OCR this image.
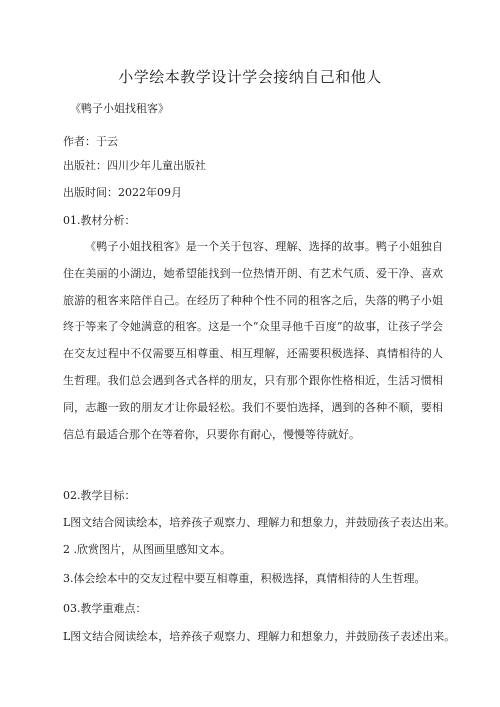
小学绘本教学设计学会接纳自己和他人
《鸭子小姐找租客》
作者：于云
出版社：四川少年儿童出版社
出版时间：2022年09月
01.教材分析：

《鸭子小姐找租客》是一个关于包容、理解、选择的故事。鸭子小姐独自住在美丽的小湖边，她希望能找到一位热情开朗、有艺术气质、爱干净、喜欢旅游的租客来陪伴自己。在经历了种种个性不同的租客之后，失落的鸭子小姐终于等来了令她满意的租客。这是一个“众里寻他千百度”的故事，让孩子学会在交友过程中不仅需要互相尊重、相互理解，还需要积极选择、真情相待的人生哲理。我们总会遇到各式各样的朋友，只有那个跟你性格相近，生活习惯相同，志趣一致的朋友才让你最轻松。我们不要怕选择，遇到的各种不顺，要相信总有最适合那个在等着你，只要你有耐心，慢慢等待就好。

02.教学目标：
L图文结合阅读绘本，培养孩子观察力、理解力和想象力，并鼓励孩子表达出来。
2 .欣赏图片，从图画里感知文本。
3.体会绘本中的交友过程中要互相尊重，积极选择，真情相待的人生哲理。
03.教学重难点：
L图文结合阅读绘本，培养孩子观察力、理解力和想象力，并鼓励孩子表述出来。
